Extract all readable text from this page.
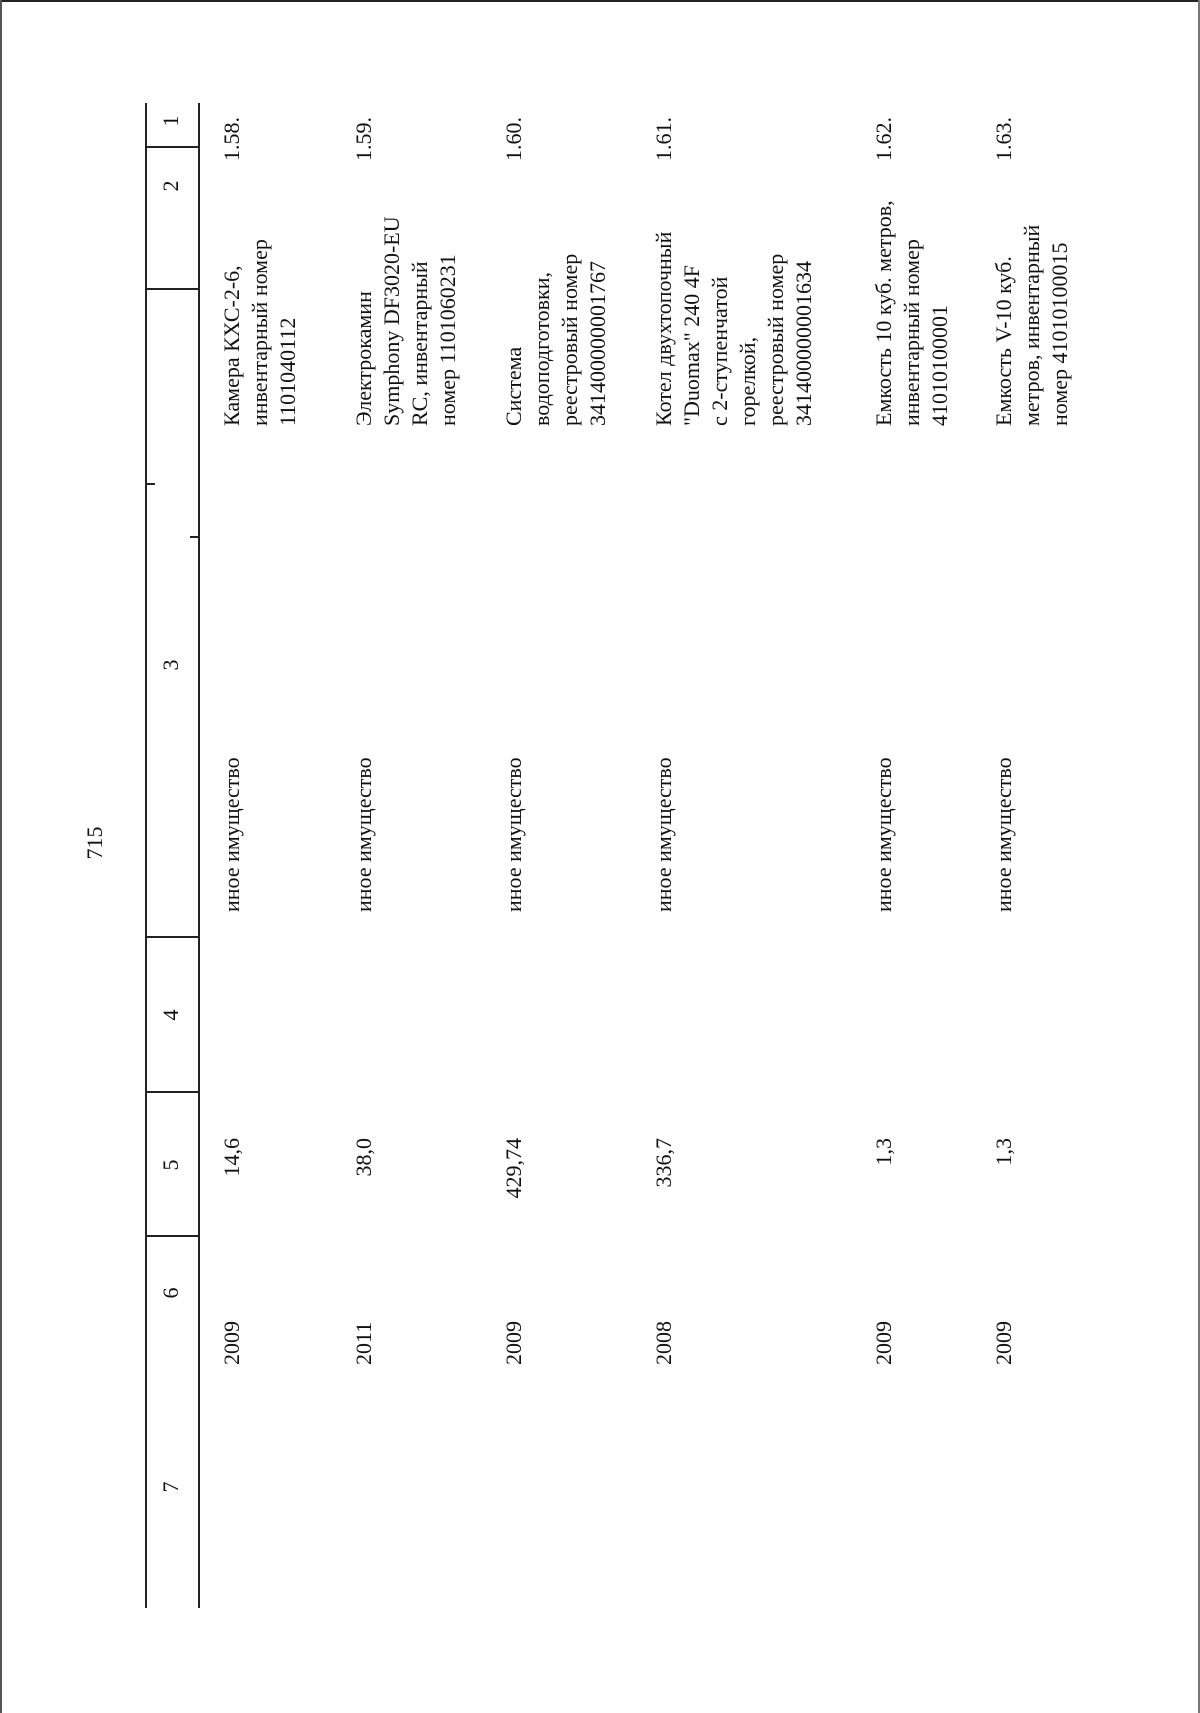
715
1
2
3
4
5
6
7
1.58.
Камера КХС-2-6, инвентарный номер 1101040112
иное имущество
14,6
2009
1.59.
Электрокамин Symphony DF3020-EU RC, инвентарный номер 1101060231
иное имущество
38,0
2011
1.60.
Система водоподготовки, реестровый номер 341400000001767
иное имущество
429,74
2009
1.61.
Котел двухтопочный "Duomax" 240 4F с 2-ступенчатой горелкой, реестровый номер 341400000001634
иное имущество
336,7
2008
1.62.
Емкость 10 куб. метров, инвентарный номер 41010100001
иное имущество
1,3
2009
1.63.
Емкость V-10 куб. метров, инвентарный номер 41010100015
иное имущество
1,3
2009
